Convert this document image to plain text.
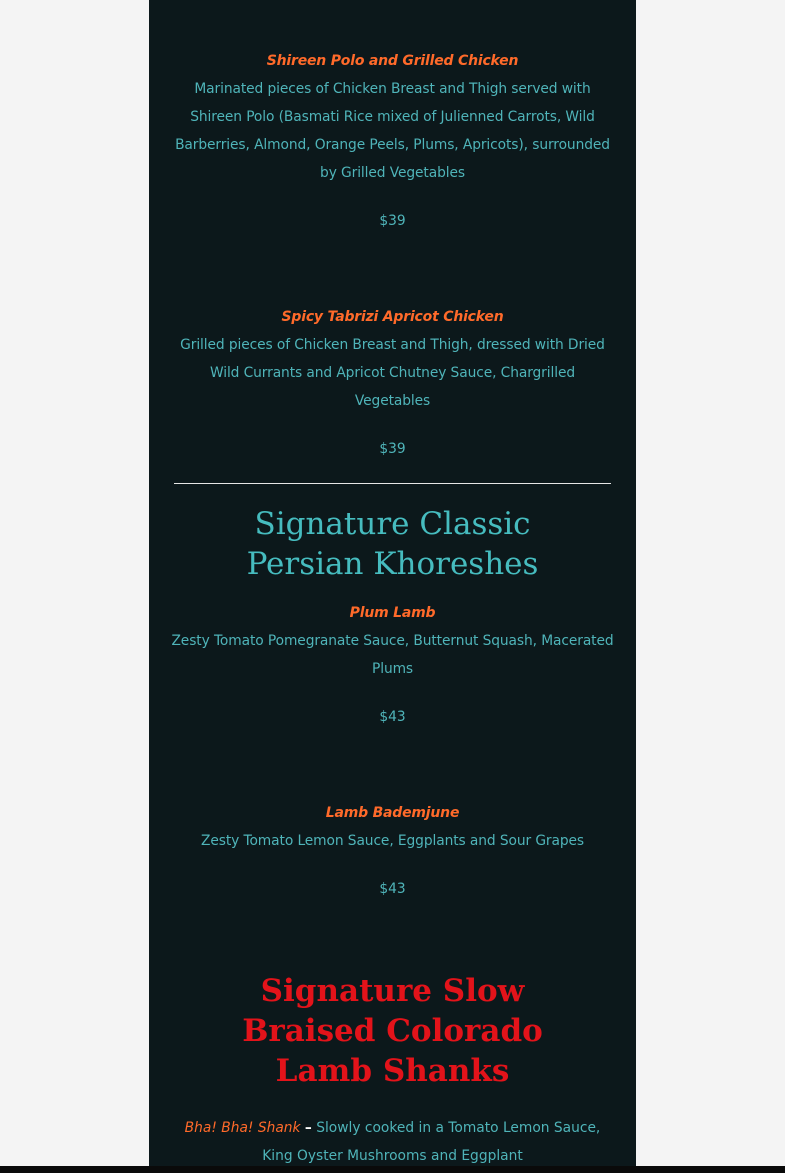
Shireen Polo and Grilled Chicken
Marinated pieces of Chicken Breast and Thigh served with Shireen Polo (Basmati Rice mixed of Julienned Carrots, Wild Barberries, Almond, Orange Peels, Plums, Apricots), surrounded by Grilled Vegetables
$39
Spicy Tabrizi Apricot Chicken
Grilled pieces of Chicken Breast and Thigh, dressed with Dried Wild Currants and Apricot Chutney Sauce, Chargrilled Vegetables
$39
Signature Classic Persian Khoreshes
Plum Lamb
Zesty Tomato Pomegranate Sauce, Butternut Squash, Macerated Plums
$43
Lamb Bademjune
Zesty Tomato Lemon Sauce, Eggplants and Sour Grapes
$43
Signature Slow Braised Colorado Lamb Shanks
Bha! Bha! Shank – Slowly cooked in a Tomato Lemon Sauce, King Oyster Mushrooms and Eggplant
